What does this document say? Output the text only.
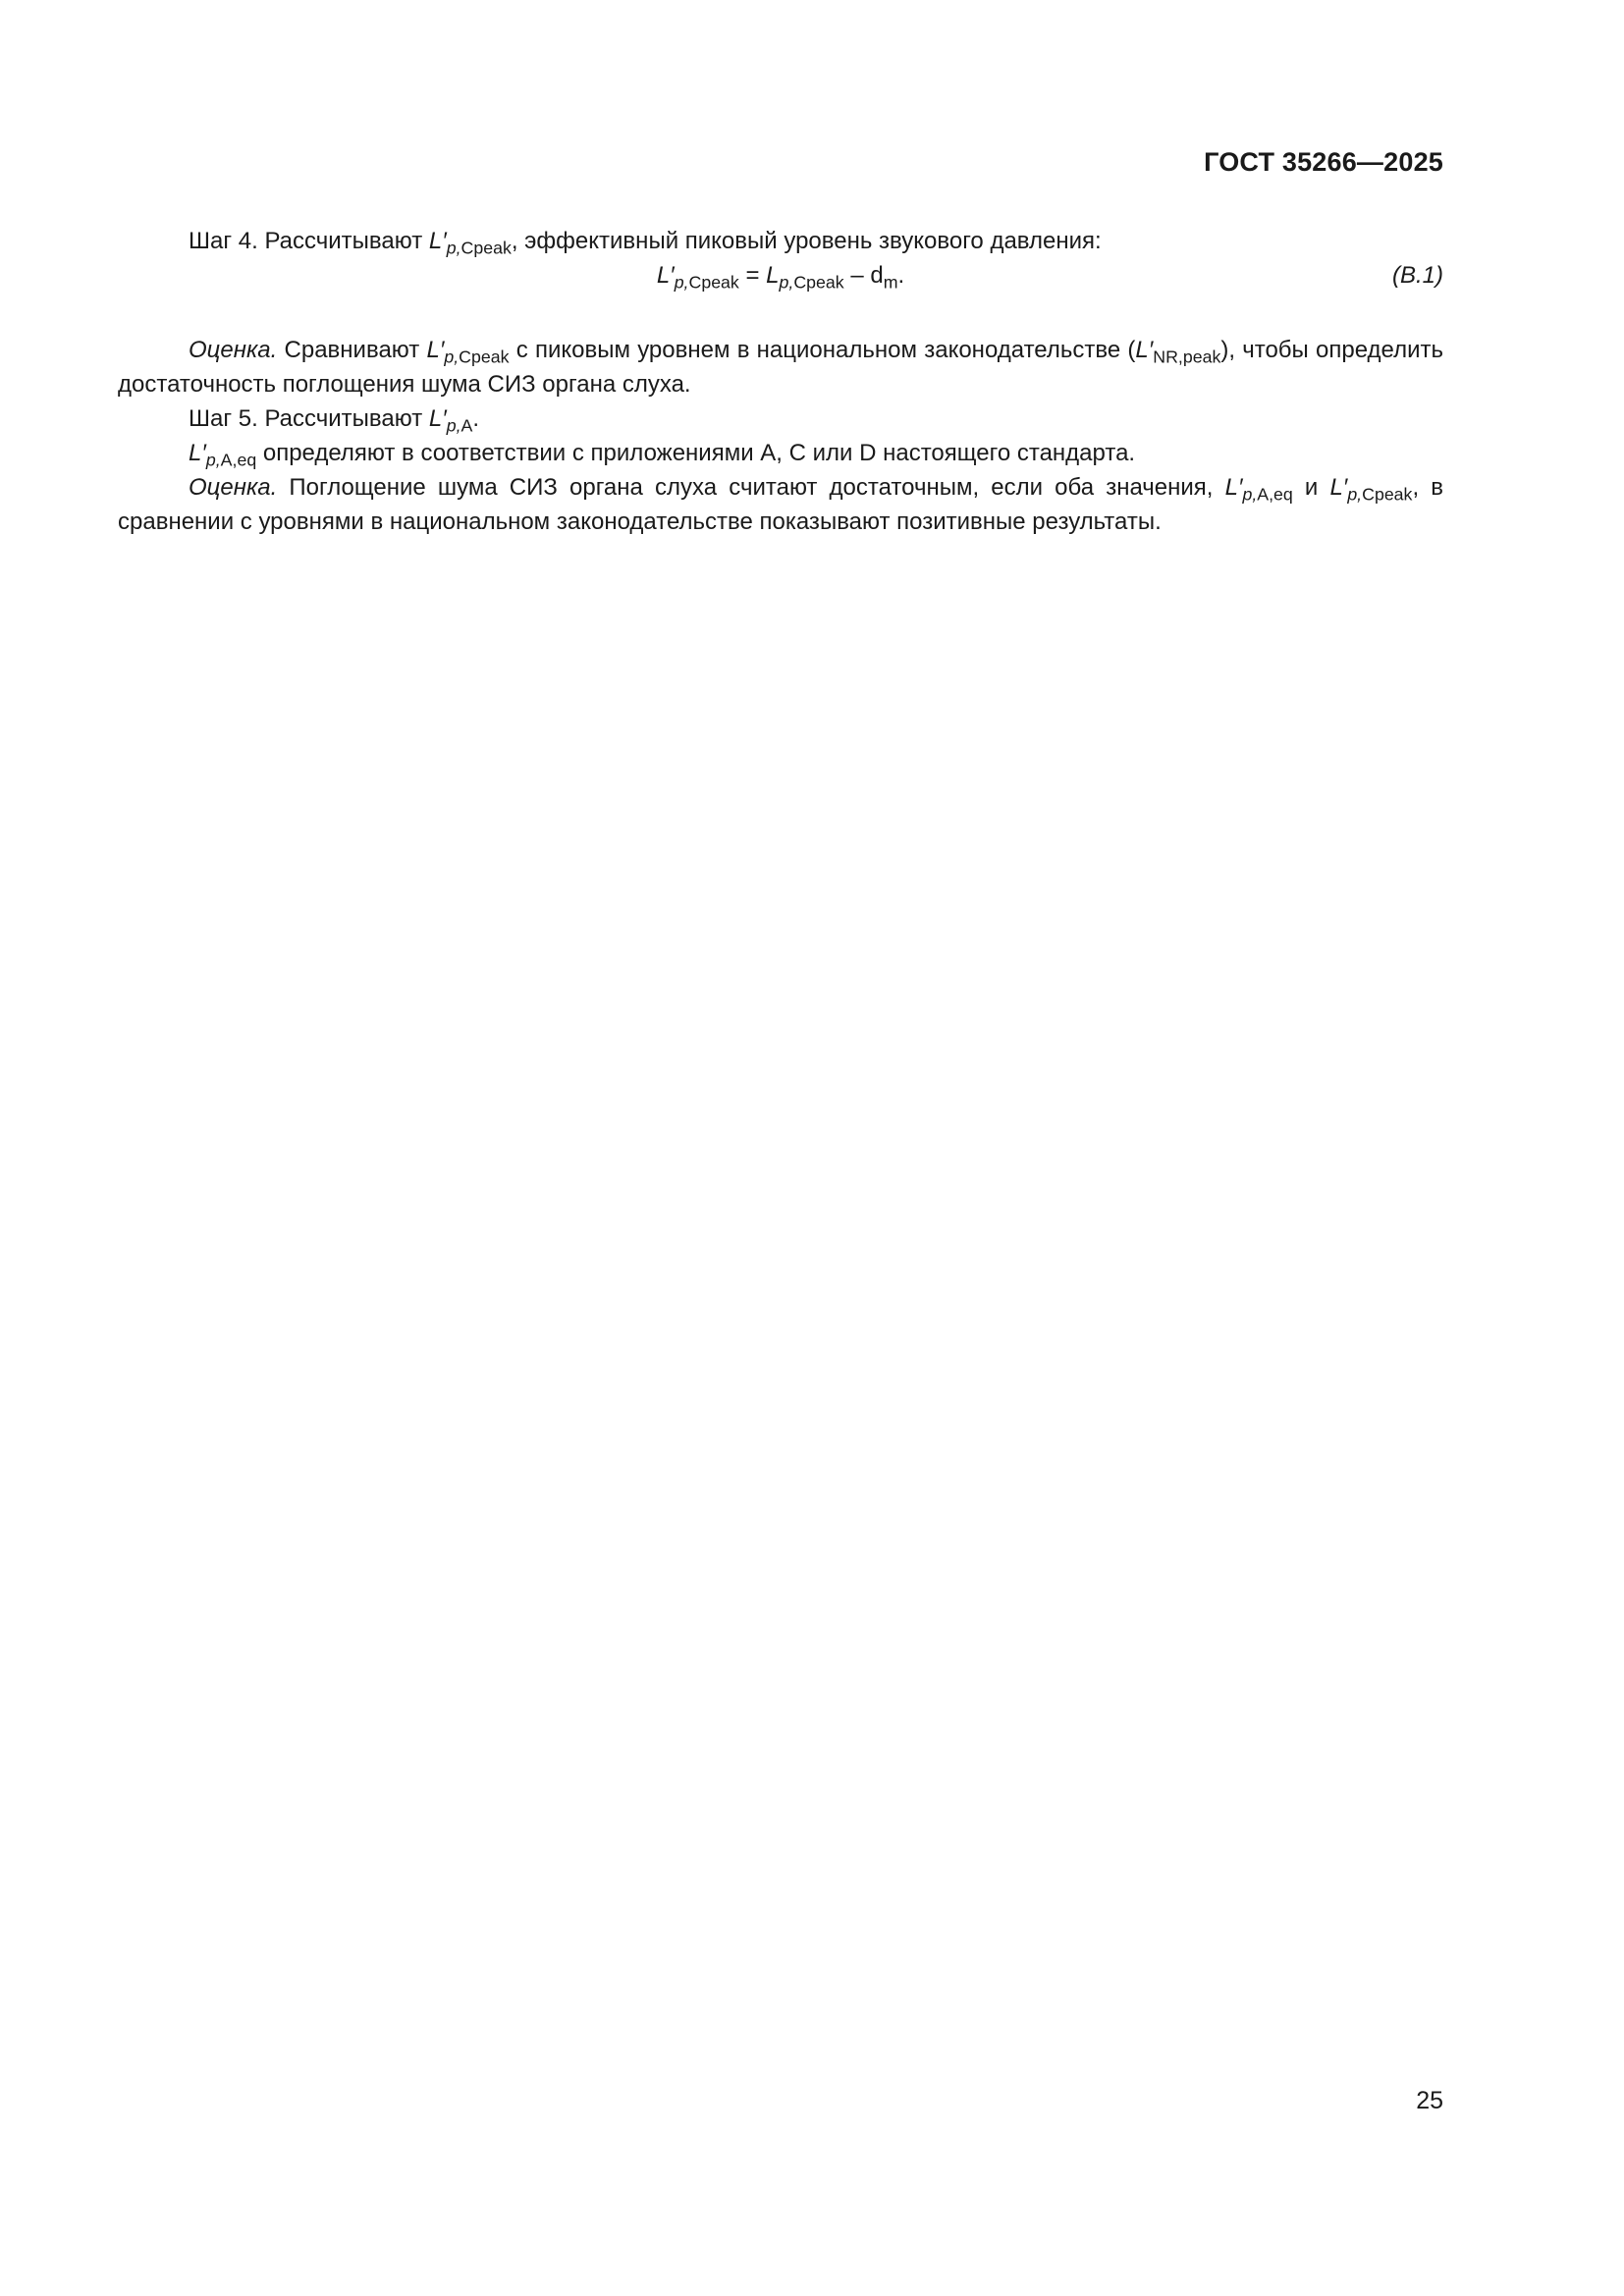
ГОСТ 35266—2025

Шаг 4. Рассчитывают $L'_{p,Cpeak}$, эффективный пиковый уровень звукового давления:

$L'_{p,Cpeak} = L_{p,Cpeak} - d_m$.	(B.1)

Оценка. Сравнивают $L'_{p,Cpeak}$ с пиковым уровнем в национальном законодательстве $(L'_{NR,peak})$, чтобы определить достаточность поглощения шума СИЗ органа слуха.

Шаг 5. Рассчитывают $L'_{p,A}$.

$L'_{p,A,eq}$ определяют в соответствии с приложениями A, C или D настоящего стандарта.

Оценка. Поглощение шума СИЗ органа слуха считают достаточным, если оба значения, $L'_{p,A,eq}$ и $L'_{p,Cpeak}$, в сравнении с уровнями в национальном законодательстве показывают позитивные результаты.

25
